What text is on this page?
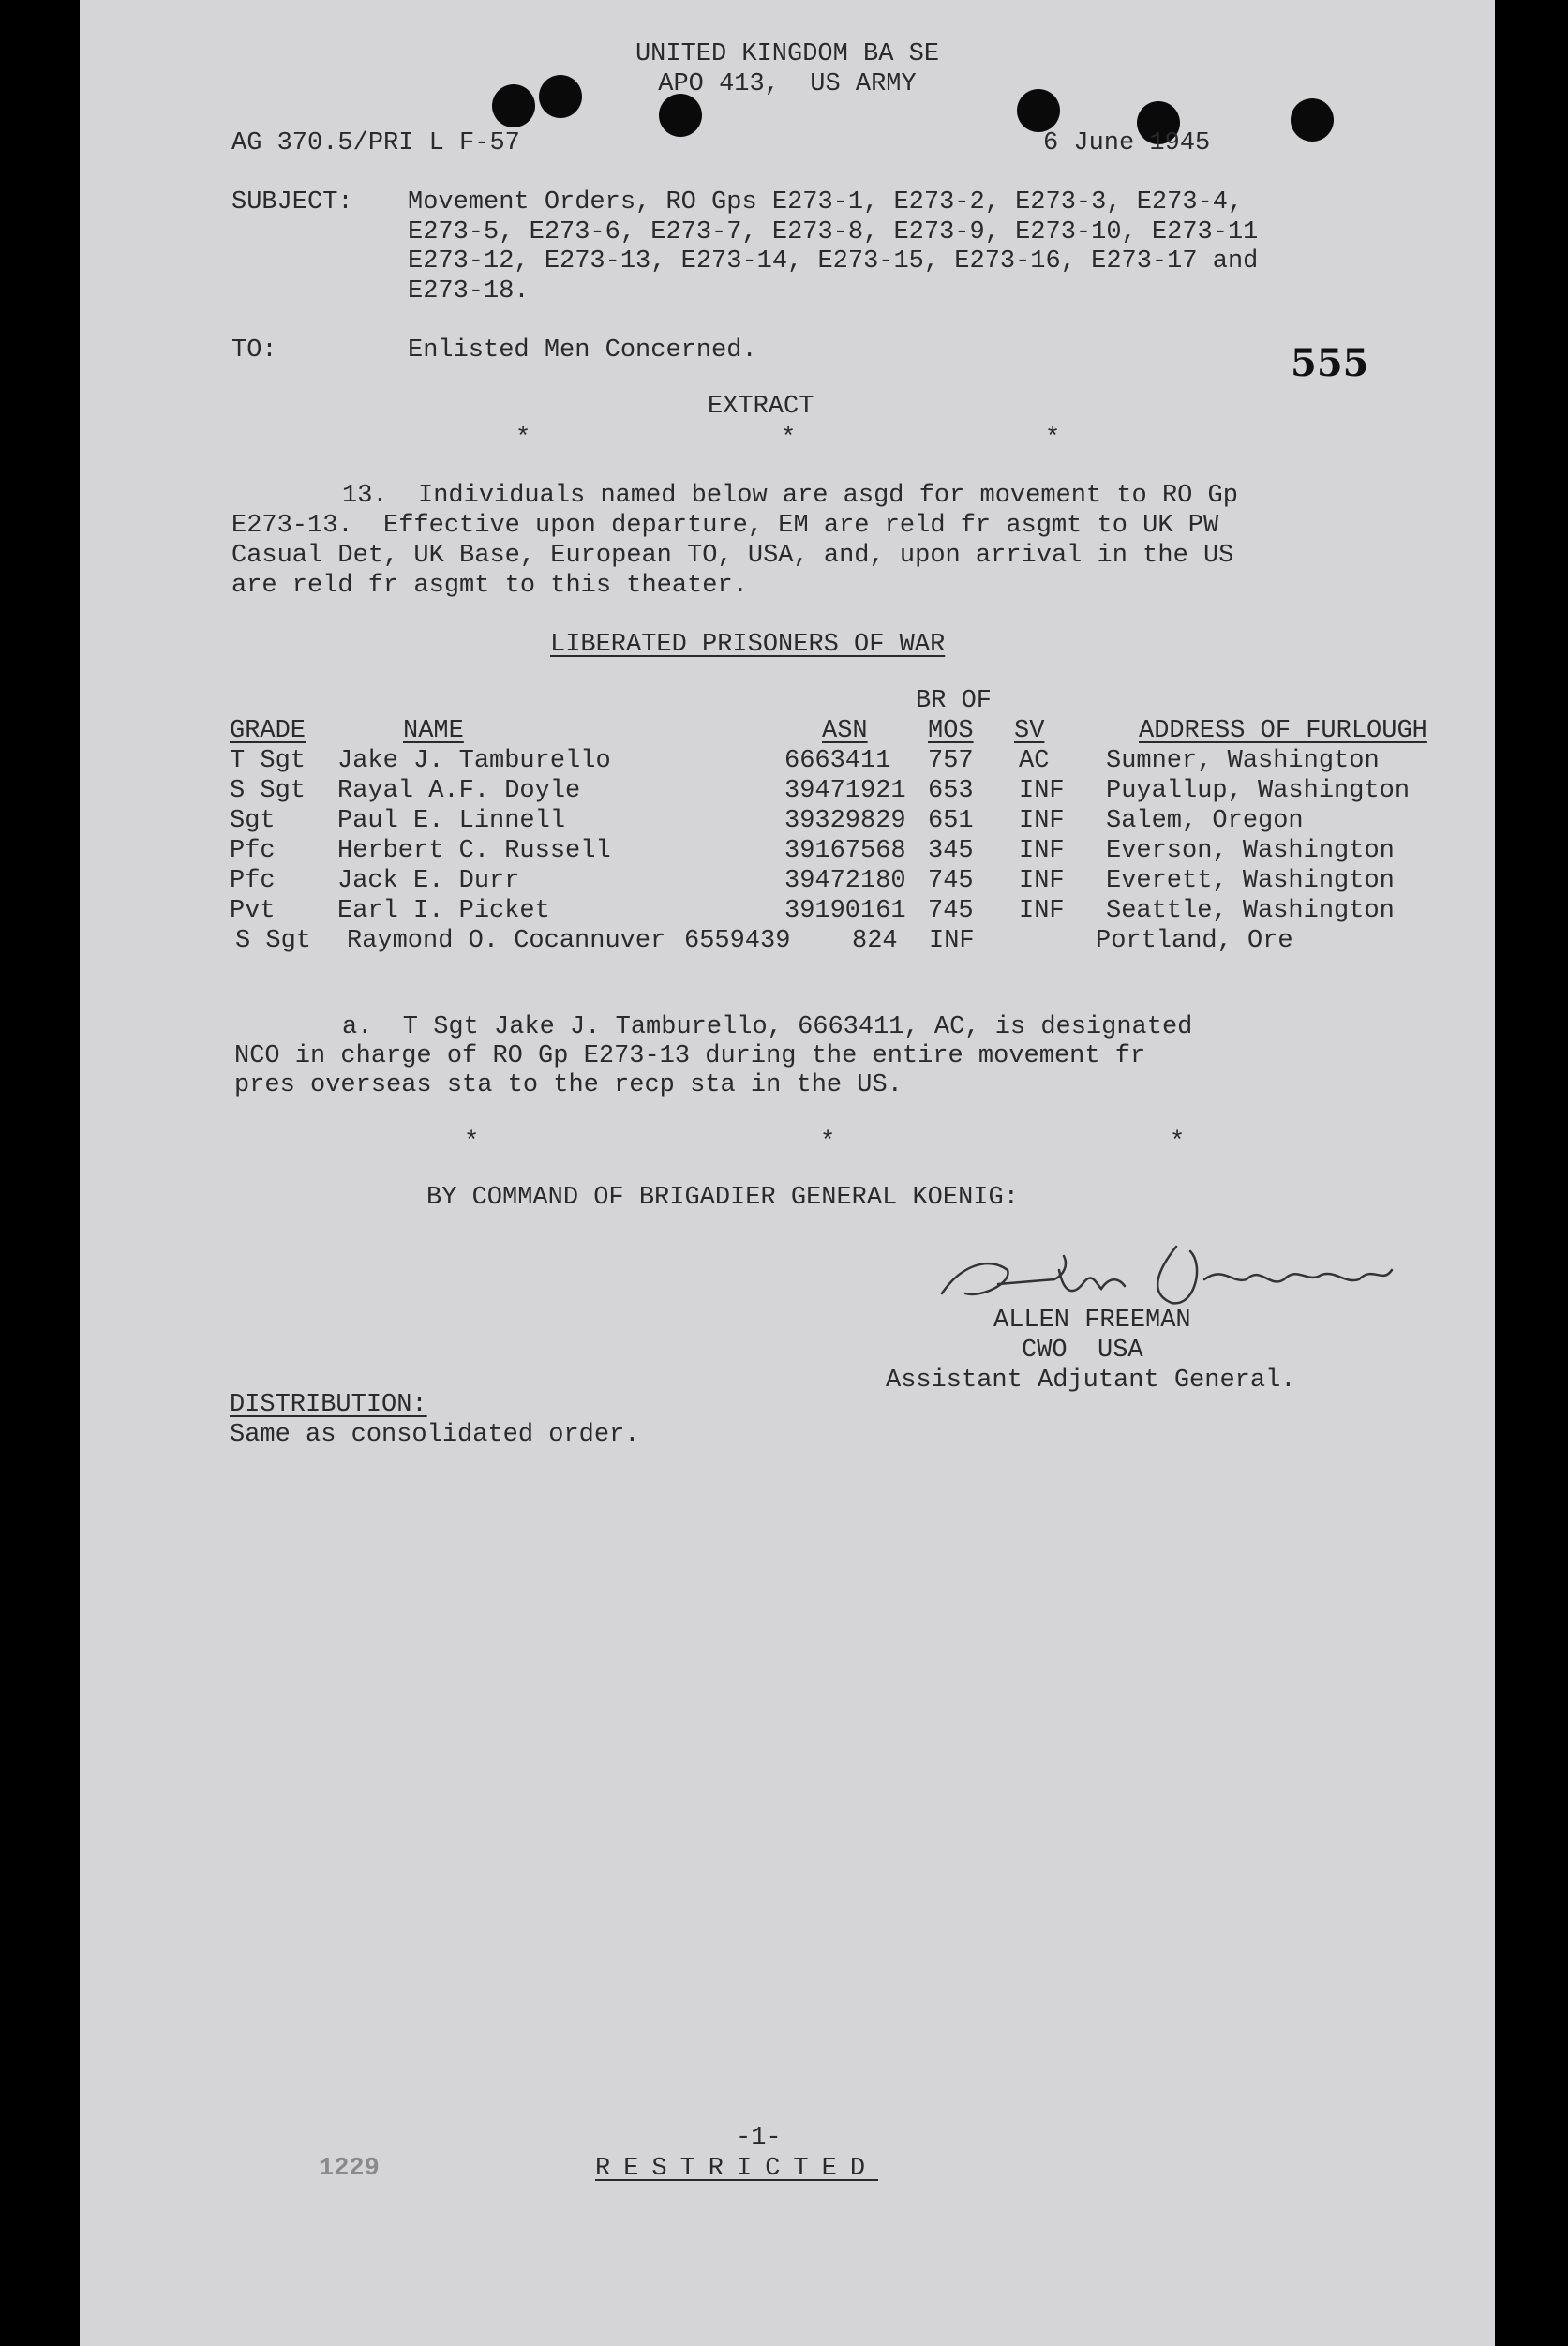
UNITED KINGDOM BA SE
APO 413,  US ARMY
AG 370.5/PRI L F-57	6 June 1945
SUBJECT: Movement Orders, RO Gps E273-1, E273-2, E273-3, E273-4,
E273-5, E273-6, E273-7, E273-8, E273-9, E273-10, E273-11
E273-12, E273-13, E273-14, E273-15, E273-16, E273-17 and
E273-18.
TO:	Enlisted Men Concerned.	555
EXTRACT
*	*	*
13.  Individuals named below are asgd for movement to RO Gp
E273-13.  Effective upon departure, EM are reld fr asgmt to UK PW
Casual Det, UK Base, European TO, USA, and, upon arrival in the US
are reld fr asgmt to this theater.
LIBERATED PRISONERS OF WAR
BR OF
GRADE	NAME	ASN MOS SV	ADDRESS OF FURLOUGH
T Sgt Jake J. Tamburello	6663411 757 AC Sumner, Washington
S Sgt Rayal A.F. Doyle	39471921 653 INF Puyallup, Washington
Sgt Paul E. Linnell	39329829 651 INF Salem, Oregon
Pfc Herbert C. Russell	39167568 345 INF Everson, Washington
Pfc Jack E. Durr	39472180 745 INF Everett, Washington
Pvt Earl I. Picket	39190161 745 INF Seattle, Washington
S Sgt Raymond O. Cocannuver 6559439 824 INF	Portland, Ore
a.  T Sgt Jake J. Tamburello, 6663411, AC, is designated
NCO in charge of RO Gp E273-13 during the entire movement fr
pres overseas sta to the recp sta in the US.
*	*	*
BY COMMAND OF BRIGADIER GENERAL KOENIG:
ALLEN FREEMAN
CWO  USA
Assistant Adjutant General.
DISTRIBUTION:
Same as consolidated order.
-1-
RESTRICTED
1229
